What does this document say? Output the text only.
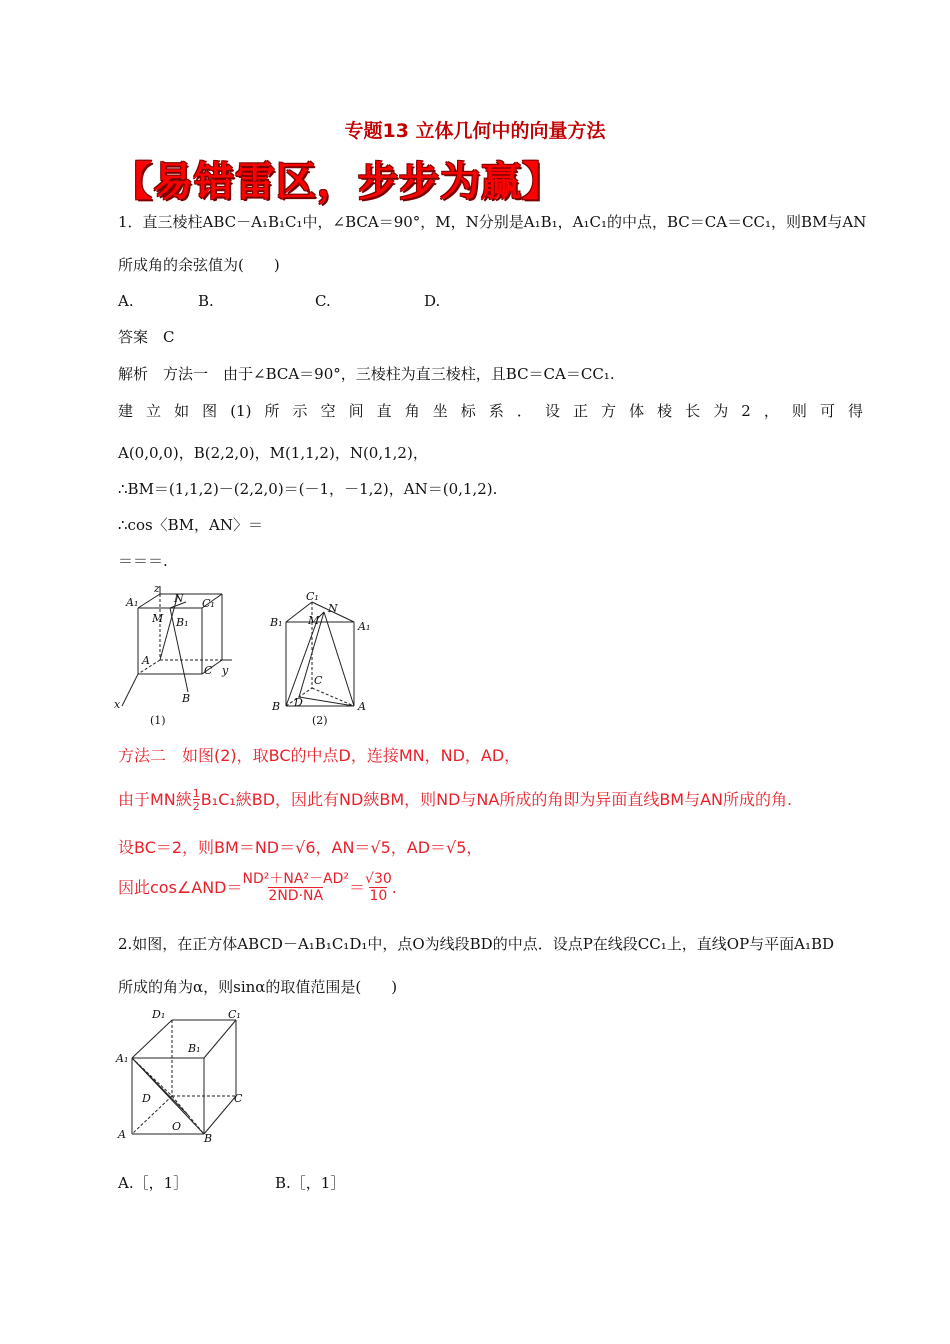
专题13 立体几何中的向量方法
【易错雷区，步步为赢】
1．直三棱柱ABC－A₁B₁C₁中，∠BCA＝90°，M，N分别是A₁B₁，A₁C₁的中点，BC＝CA＝CC₁，则BM与AN
所成角的余弦值为(　　)
A.	B.	C.	D.
答案　C
解析　方法一　由于∠BCA＝90°，三棱柱为直三棱柱，且BC＝CA＝CC₁.
建 立 如 图 (1) 所 示 空 间 直 角 坐 标 系 ． 设 正 方 体 棱 长 为 2 ， 则 可 得
A(0,0,0)，B(2,2,0)，M(1,1,2)，N(0,1,2)，
∴BM＝(1,1,2)－(2,2,0)＝(－1，－1,2)，AN＝(0,1,2).
∴cos〈BM，AN〉＝
＝＝＝.
A₁	N C₁
z
M B₁
A
C y
B
x
(1)
C₁
N
M
B₁	A₁
C
B D	A
(2)
方法二　如图(2)，取BC的中点D，连接MN，ND，AD，
由于MN綊 $\frac{1}{2} B_1C_1$綊BD，因此有ND綊BM，则ND与NA所成的角即为异面直线BM与AN所成的角.
设BC＝2，则BM＝ND＝√6，AN＝√5，AD＝√5，
因此cos∠AND＝ ND²＋NA²－AD²
2ND·NA ＝ √30
10 .
2.如图，在正方体ABCD－A₁B₁C₁D₁中，点O为线段BD的中点．设点P在线段CC₁上，直线OP与平面A₁BD
所成的角为α，则sinα的取值范围是(　　)
D₁	C₁
B₁
A₁
D	C
O
A	B
A.［，1］	B.［，1］
